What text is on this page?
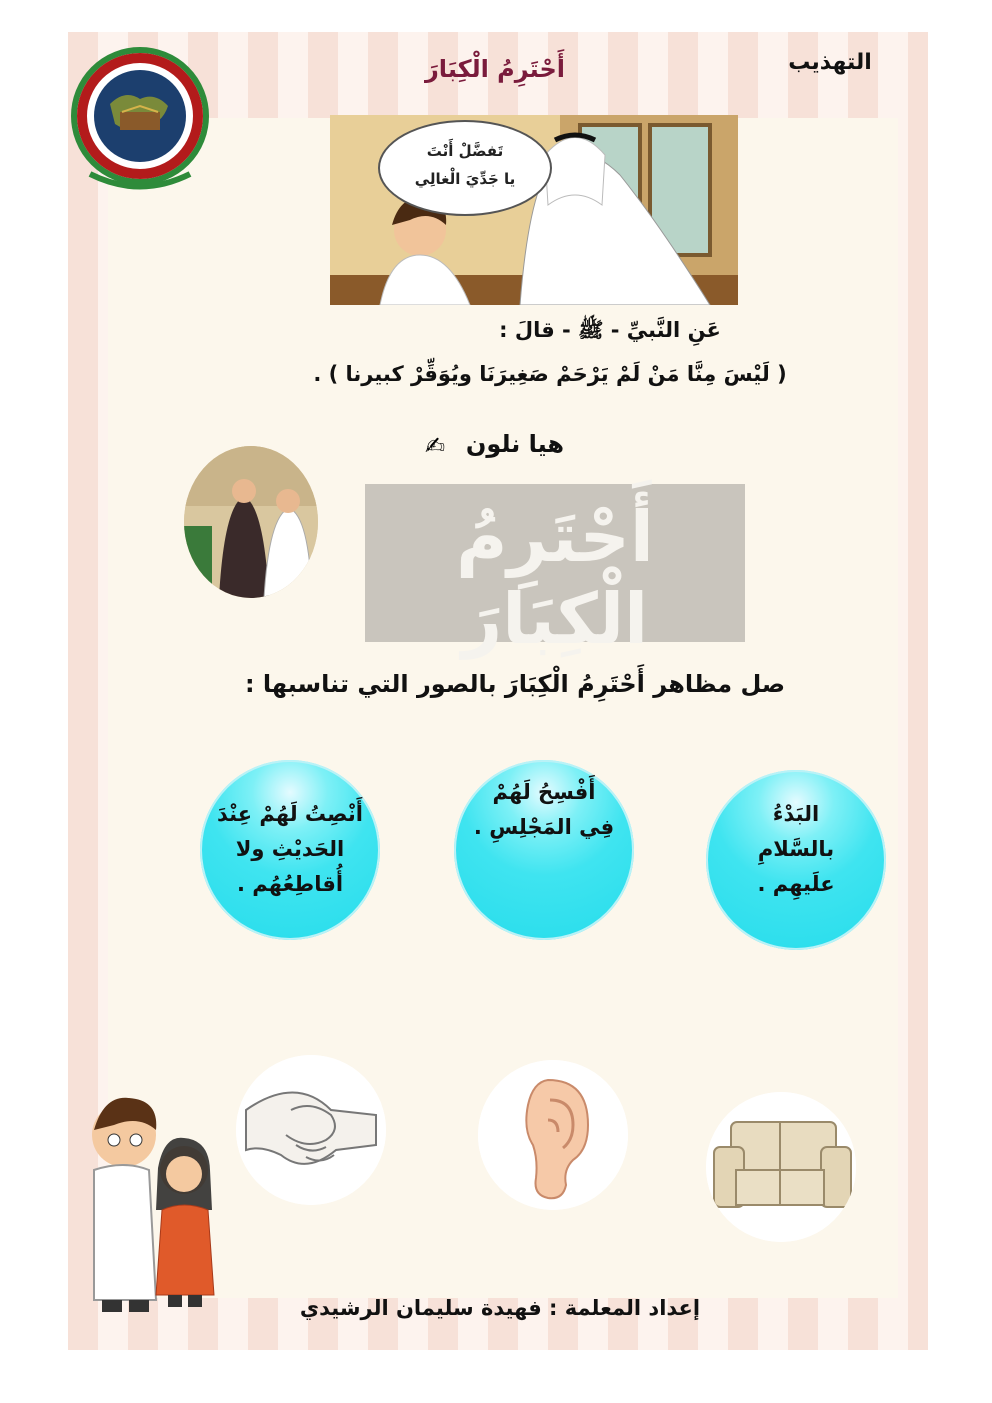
التهذيب
أَحْتَرِمُ الْكِبَارَ
تَفضَّلْ أَنْتَ
يا جَدِّيَ الْغالِي
عَنِ النَّبيِّ - ﷺ - قالَ :
( لَيْسَ مِنَّا مَنْ لَمْ يَرْحَمْ صَغِيرَنَا ويُوَقِّرْ كبيرنا ) .
هيا نلون
✍
أَحْتَرِمُ الْكِبَارَ
صل مظاهر أَحْتَرِمُ الْكِبَارَ بالصور التي تناسبها :
أَنْصِتُ لَهُمْ عِنْدَ
الحَديْثِ ولا
أُقاطِعُهُم .
أَفْسِحُ لَهُمْ
فِي المَجْلِسِ .
البَدْءُ
بالسَّلامِ
علَيهِم .
إعداد المعلمة : فهيدة سليمان الرشيدي
